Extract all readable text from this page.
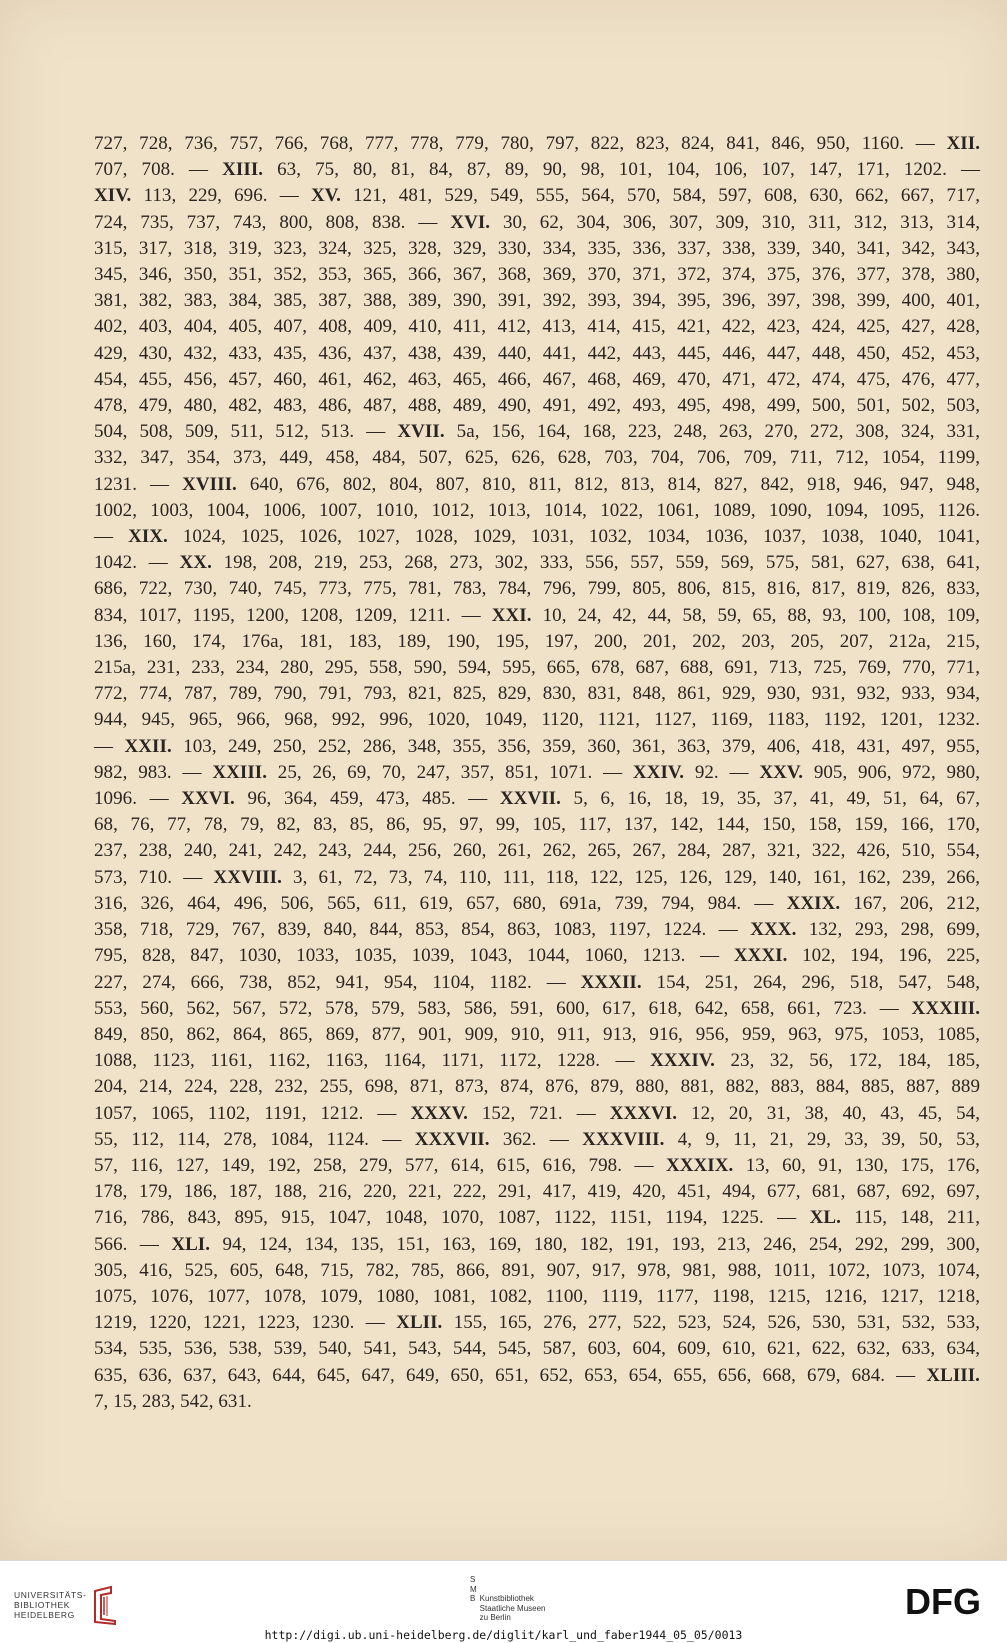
727, 728, 736, 757, 766, 768, 777, 778, 779, 780, 797, 822, 823, 824, 841, 846, 950, 1160. — XII.
707, 708. — XIII. 63, 75, 80, 81, 84, 87, 89, 90, 98, 101, 104, 106, 107, 147, 171, 1202. —
XIV. 113, 229, 696. — XV. 121, 481, 529, 549, 555, 564, 570, 584, 597, 608, 630, 662, 667, 717,
724, 735, 737, 743, 800, 808, 838. — XVI. 30, 62, 304, 306, 307, 309, 310, 311, 312, 313, 314,
315, 317, 318, 319, 323, 324, 325, 328, 329, 330, 334, 335, 336, 337, 338, 339, 340, 341, 342, 343,
345, 346, 350, 351, 352, 353, 365, 366, 367, 368, 369, 370, 371, 372, 374, 375, 376, 377, 378, 380,
381, 382, 383, 384, 385, 387, 388, 389, 390, 391, 392, 393, 394, 395, 396, 397, 398, 399, 400, 401,
402, 403, 404, 405, 407, 408, 409, 410, 411, 412, 413, 414, 415, 421, 422, 423, 424, 425, 427, 428,
429, 430, 432, 433, 435, 436, 437, 438, 439, 440, 441, 442, 443, 445, 446, 447, 448, 450, 452, 453,
454, 455, 456, 457, 460, 461, 462, 463, 465, 466, 467, 468, 469, 470, 471, 472, 474, 475, 476, 477,
478, 479, 480, 482, 483, 486, 487, 488, 489, 490, 491, 492, 493, 495, 498, 499, 500, 501, 502, 503,
504, 508, 509, 511, 512, 513. — XVII. 5a, 156, 164, 168, 223, 248, 263, 270, 272, 308, 324, 331,
332, 347, 354, 373, 449, 458, 484, 507, 625, 626, 628, 703, 704, 706, 709, 711, 712, 1054, 1199,
1231. — XVIII. 640, 676, 802, 804, 807, 810, 811, 812, 813, 814, 827, 842, 918, 946, 947, 948,
1002, 1003, 1004, 1006, 1007, 1010, 1012, 1013, 1014, 1022, 1061, 1089, 1090, 1094, 1095, 1126.
— XIX. 1024, 1025, 1026, 1027, 1028, 1029, 1031, 1032, 1034, 1036, 1037, 1038, 1040, 1041,
1042. — XX. 198, 208, 219, 253, 268, 273, 302, 333, 556, 557, 559, 569, 575, 581, 627, 638, 641,
686, 722, 730, 740, 745, 773, 775, 781, 783, 784, 796, 799, 805, 806, 815, 816, 817, 819, 826, 833,
834, 1017, 1195, 1200, 1208, 1209, 1211. — XXI. 10, 24, 42, 44, 58, 59, 65, 88, 93, 100, 108, 109,
136, 160, 174, 176a, 181, 183, 189, 190, 195, 197, 200, 201, 202, 203, 205, 207, 212a, 215,
215a, 231, 233, 234, 280, 295, 558, 590, 594, 595, 665, 678, 687, 688, 691, 713, 725, 769, 770, 771,
772, 774, 787, 789, 790, 791, 793, 821, 825, 829, 830, 831, 848, 861, 929, 930, 931, 932, 933, 934,
944, 945, 965, 966, 968, 992, 996, 1020, 1049, 1120, 1121, 1127, 1169, 1183, 1192, 1201, 1232.
— XXII. 103, 249, 250, 252, 286, 348, 355, 356, 359, 360, 361, 363, 379, 406, 418, 431, 497, 955,
982, 983. — XXIII. 25, 26, 69, 70, 247, 357, 851, 1071. — XXIV. 92. — XXV. 905, 906, 972, 980,
1096. — XXVI. 96, 364, 459, 473, 485. — XXVII. 5, 6, 16, 18, 19, 35, 37, 41, 49, 51, 64, 67,
68, 76, 77, 78, 79, 82, 83, 85, 86, 95, 97, 99, 105, 117, 137, 142, 144, 150, 158, 159, 166, 170,
237, 238, 240, 241, 242, 243, 244, 256, 260, 261, 262, 265, 267, 284, 287, 321, 322, 426, 510, 554,
573, 710. — XXVIII. 3, 61, 72, 73, 74, 110, 111, 118, 122, 125, 126, 129, 140, 161, 162, 239, 266,
316, 326, 464, 496, 506, 565, 611, 619, 657, 680, 691a, 739, 794, 984. — XXIX. 167, 206, 212,
358, 718, 729, 767, 839, 840, 844, 853, 854, 863, 1083, 1197, 1224. — XXX. 132, 293, 298, 699,
795, 828, 847, 1030, 1033, 1035, 1039, 1043, 1044, 1060, 1213. — XXXI. 102, 194, 196, 225,
227, 274, 666, 738, 852, 941, 954, 1104, 1182. — XXXII. 154, 251, 264, 296, 518, 547, 548,
553, 560, 562, 567, 572, 578, 579, 583, 586, 591, 600, 617, 618, 642, 658, 661, 723. — XXXIII.
849, 850, 862, 864, 865, 869, 877, 901, 909, 910, 911, 913, 916, 956, 959, 963, 975, 1053, 1085,
1088, 1123, 1161, 1162, 1163, 1164, 1171, 1172, 1228. — XXXIV. 23, 32, 56, 172, 184, 185,
204, 214, 224, 228, 232, 255, 698, 871, 873, 874, 876, 879, 880, 881, 882, 883, 884, 885, 887, 889
1057, 1065, 1102, 1191, 1212. — XXXV. 152, 721. — XXXVI. 12, 20, 31, 38, 40, 43, 45, 54,
55, 112, 114, 278, 1084, 1124. — XXXVII. 362. — XXXVIII. 4, 9, 11, 21, 29, 33, 39, 50, 53,
57, 116, 127, 149, 192, 258, 279, 577, 614, 615, 616, 798. — XXXIX. 13, 60, 91, 130, 175, 176,
178, 179, 186, 187, 188, 216, 220, 221, 222, 291, 417, 419, 420, 451, 494, 677, 681, 687, 692, 697,
716, 786, 843, 895, 915, 1047, 1048, 1070, 1087, 1122, 1151, 1194, 1225. — XL. 115, 148, 211,
566. — XLI. 94, 124, 134, 135, 151, 163, 169, 180, 182, 191, 193, 213, 246, 254, 292, 299, 300,
305, 416, 525, 605, 648, 715, 782, 785, 866, 891, 907, 917, 978, 981, 988, 1011, 1072, 1073, 1074,
1075, 1076, 1077, 1078, 1079, 1080, 1081, 1082, 1100, 1119, 1177, 1198, 1215, 1216, 1217, 1218,
1219, 1220, 1221, 1223, 1230. — XLII. 155, 165, 276, 277, 522, 523, 524, 526, 530, 531, 532, 533,
534, 535, 536, 538, 539, 540, 541, 543, 544, 545, 587, 603, 604, 609, 610, 621, 622, 632, 633, 634,
635, 636, 637, 643, 644, 645, 647, 649, 650, 651, 652, 653, 654, 655, 656, 668, 679, 684. — XLIII.
7, 15, 283, 542, 631.
UNIVERSITÄTS-
BIBLIOTHEK
HEIDELBERG
S
M
B Kunstbibliothek
Staatliche Museen
zu Berlin	DFG
http://digi.ub.uni-heidelberg.de/diglit/karl_und_faber1944_05_05/0013
